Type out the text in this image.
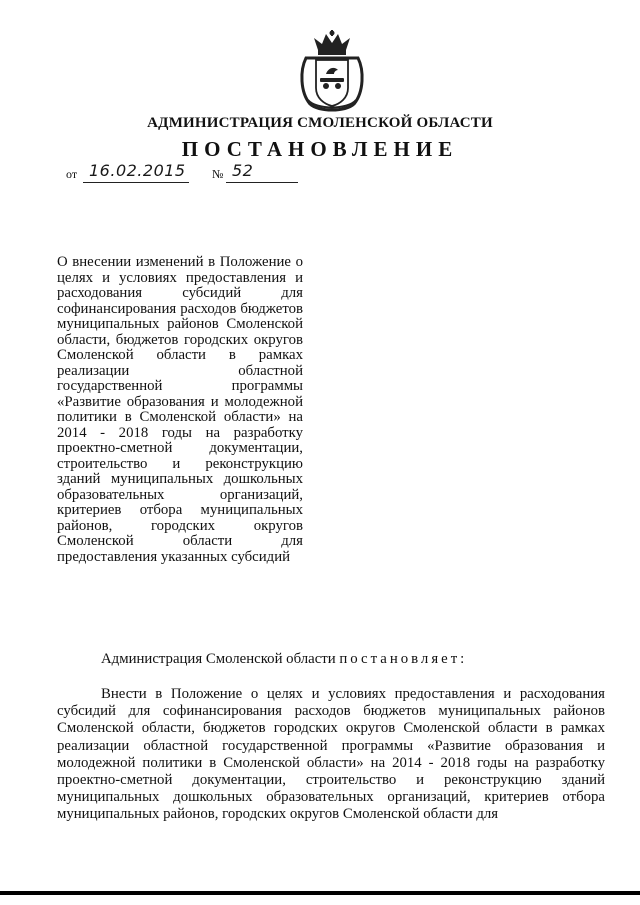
АДМИНИСТРАЦИЯ СМОЛЕНСКОЙ ОБЛАСТИ
ПОСТАНОВЛЕНИЕ
от 16.02.2015 № 52
О внесении изменений в Положение о целях и условиях предоставления и расходования субсидий для софинансирования расходов бюджетов муниципальных районов Смоленской области, бюджетов городских округов Смоленской области в рамках реализации областной государственной программы «Развитие образования и молодежной политики в Смоленской области» на 2014 - 2018 годы на разработку проектно-сметной документации, строительство и реконструкцию зданий муниципальных дошкольных образовательных организаций, критериев отбора муниципальных районов, городских округов Смоленской области для предоставления указанных субсидий
Администрация Смоленской области постановляет:
Внести в Положение о целях и условиях предоставления и расходования субсидий для софинансирования расходов бюджетов муниципальных районов Смоленской области, бюджетов городских округов Смоленской области в рамках реализации областной государственной программы «Развитие образования и молодежной политики в Смоленской области» на 2014 - 2018 годы на разработку проектно-сметной документации, строительство и реконструкцию зданий муниципальных дошкольных образовательных организаций, критериев отбора муниципальных районов, городских округов Смоленской области для
